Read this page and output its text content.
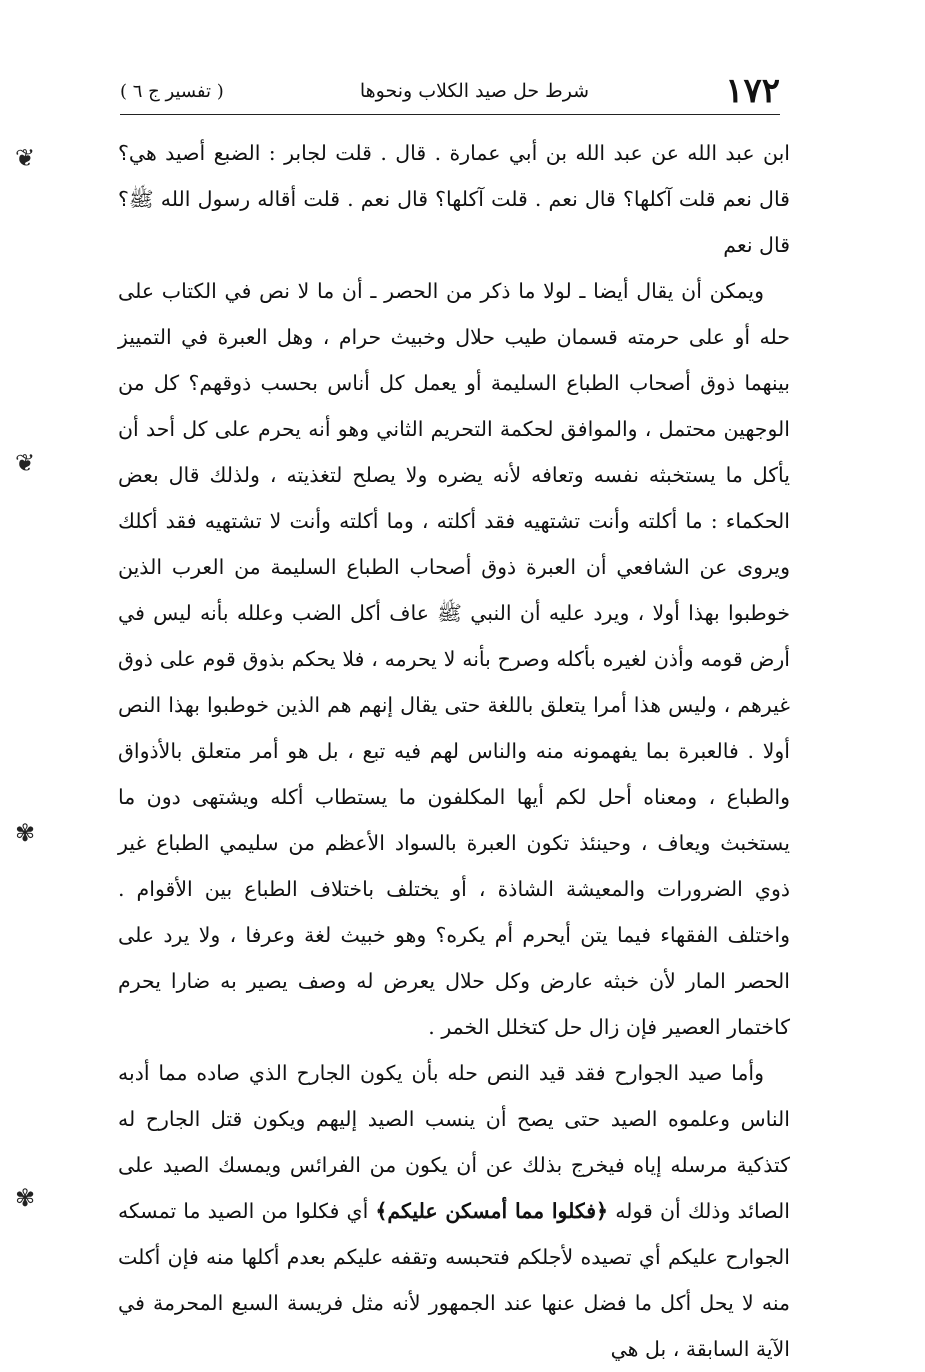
١٧٢
شرط حل صيد الكلاب ونحوها
( تفسير ج ٦ )
❦
❦
✾
✾

ابن عبد الله عن عبد الله بن أبي عمارة . قال . قلت لجابر : الضبع أصيد هي؟ قال نعم قلت آكلها؟ قال نعم . قلت آكلها؟ قال نعم . قلت أقاله رسول الله ﷺ؟ قال نعم

ويمكن أن يقال أيضا ـ لولا ما ذكر من الحصر ـ أن ما لا نص في الكتاب على حله أو على حرمته قسمان طيب حلال وخبيث حرام ، وهل العبرة في التمييز بينهما ذوق أصحاب الطباع السليمة أو يعمل كل أناس بحسب ذوقهم؟ كل من الوجهين محتمل ، والموافق لحكمة التحريم الثاني وهو أنه يحرم على كل أحد أن يأكل ما يستخبثه نفسه وتعافه لأنه يضره ولا يصلح لتغذيته ، ولذلك قال بعض الحكماء : ما أكلته وأنت تشتهيه فقد أكلته ، وما أكلته وأنت لا تشتهيه فقد أكلك ويروى عن الشافعي أن العبرة ذوق أصحاب الطباع السليمة من العرب الذين خوطبوا بهذا أولا ، ويرد عليه أن النبي ﷺ عاف أكل الضب وعلله بأنه ليس في أرض قومه وأذن لغيره بأكله وصرح بأنه لا يحرمه ، فلا يحكم بذوق قوم على ذوق غيرهم ، وليس هذا أمرا يتعلق باللغة حتى يقال إنهم هم الذين خوطبوا بهذا النص أولا . فالعبرة بما يفهمونه منه والناس لهم فيه تبع ، بل هو أمر متعلق بالأذواق والطباع ، ومعناه أحل لكم أيها المكلفون ما يستطاب أكله ويشتهى دون ما يستخبث ويعاف ، وحينئذ تكون العبرة بالسواد الأعظم من سليمي الطباع غير ذوي الضرورات والمعيشة الشاذة ، أو يختلف باختلاف الطباع بين الأقوام . واختلف الفقهاء فيما يتن أيحرم أم يكره؟ وهو خبيث لغة وعرفا ، ولا يرد على الحصر المار لأن خبثه عارض وكل حلال يعرض له وصف يصير به ضارا يحرم كاختمار العصير فإن زال حل كتخلل الخمر .

وأما صيد الجوارح فقد قيد النص حله بأن يكون الجارح الذي صاده مما أدبه الناس وعلموه الصيد حتى يصح أن ينسب الصيد إليهم ويكون قتل الجارح له كتذكية مرسله إياه فيخرج بذلك عن أن يكون من الفرائس ويمسك الصيد على الصائد وذلك أن قوله ﴿فكلوا مما أمسكن عليكم﴾ أي فكلوا من الصيد ما تمسكه الجوارح عليكم أي تصيده لأجلكم فتحبسه وتقفه عليكم بعدم أكلها منه فإن أكلت منه لا يحل أكل ما فضل عنها عند الجمهور لأنه مثل فريسة السبع المحرمة في الآية السابقة ، بل هي
